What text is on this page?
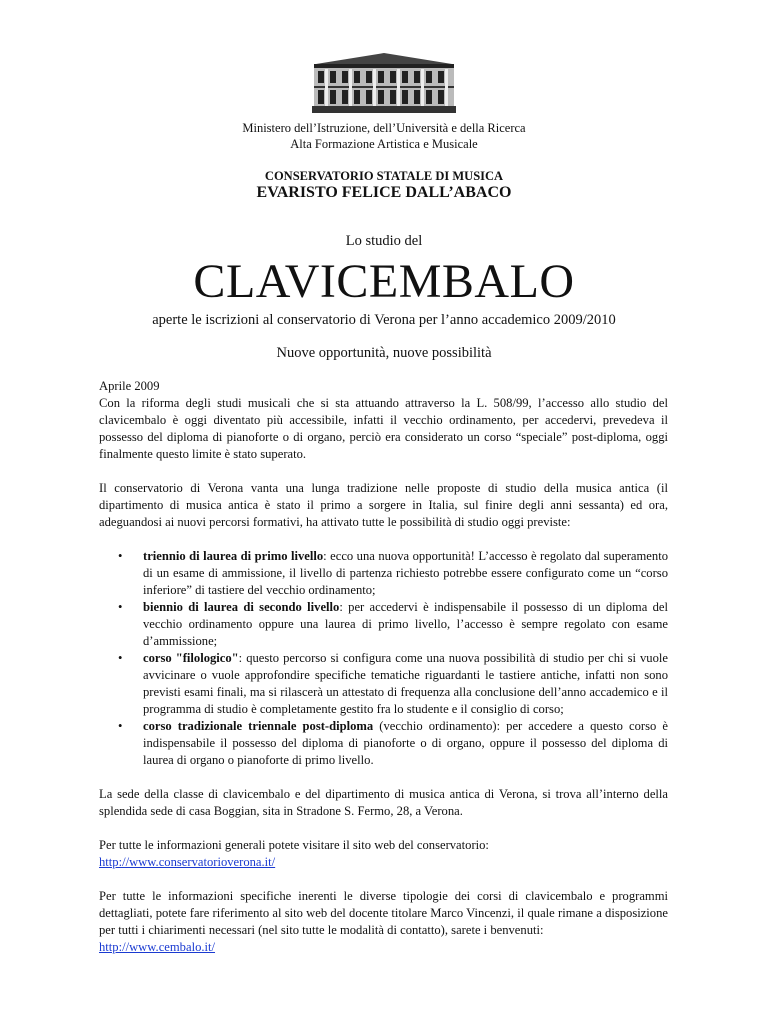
Ministero dell’Istruzione, dell’Università e della Ricerca
Alta Formazione Artistica e Musicale
CONSERVATORIO STATALE DI MUSICA
EVARISTO FELICE DALL’ABACO
Lo studio del
CLAVICEMBALO
aperte le iscrizioni al conservatorio di Verona per l’anno accademico 2009/2010
Nuove opportunità, nuove possibilità

Aprile 2009

Con la riforma degli studi musicali che si sta attuando attraverso la L. 508/99, l’accesso allo studio del clavicembalo è oggi diventato più accessibile, infatti il vecchio ordinamento, per accedervi, prevedeva il possesso del diploma di pianoforte o di organo, perciò era considerato un corso “speciale” post-diploma, oggi finalmente questo limite è stato superato.

Il conservatorio di Verona vanta una lunga tradizione nelle proposte di studio della musica antica (il dipartimento di musica antica è stato il primo a sorgere in Italia, sul finire degli anni sessanta) ed ora, adeguandosi ai nuovi percorsi formativi, ha attivato tutte le possibilità di studio oggi previste:

• triennio di laurea di primo livello: ecco una nuova opportunità! L’accesso è regolato dal superamento di un esame di ammissione, il livello di partenza richiesto potrebbe essere configurato come un “corso inferiore” di tastiere del vecchio ordinamento;
• biennio di laurea di secondo livello: per accedervi è indispensabile il possesso di un diploma del vecchio ordinamento oppure una laurea di primo livello, l’accesso è sempre regolato con esame d’ammissione;
• corso "filologico": questo percorso si configura come una nuova possibilità di studio per chi si vuole avvicinare o vuole approfondire specifiche tematiche riguardanti le tastiere antiche, infatti non sono previsti esami finali, ma si rilascerà un attestato di frequenza alla conclusione dell’anno accademico e il programma di studio è completamente gestito fra lo studente e il consiglio di corso;
• corso tradizionale triennale post-diploma (vecchio ordinamento): per accedere a questo corso è indispensabile il possesso del diploma di pianoforte o di organo, oppure il possesso del diploma di laurea di organo o pianoforte di primo livello.

La sede della classe di clavicembalo e del dipartimento di musica antica di Verona, si trova all’interno della splendida sede di casa Boggian, sita in Stradone S. Fermo, 28, a Verona.

Per tutte le informazioni generali potete visitare il sito web del conservatorio:

http://www.conservatorioverona.it/

Per tutte le informazioni specifiche inerenti le diverse tipologie dei corsi di clavicembalo e programmi dettagliati, potete fare riferimento al sito web del docente titolare Marco Vincenzi, il quale rimane a disposizione per tutti i chiarimenti necessari (nel sito tutte le modalità di contatto), sarete i benvenuti:

http://www.cembalo.it/
